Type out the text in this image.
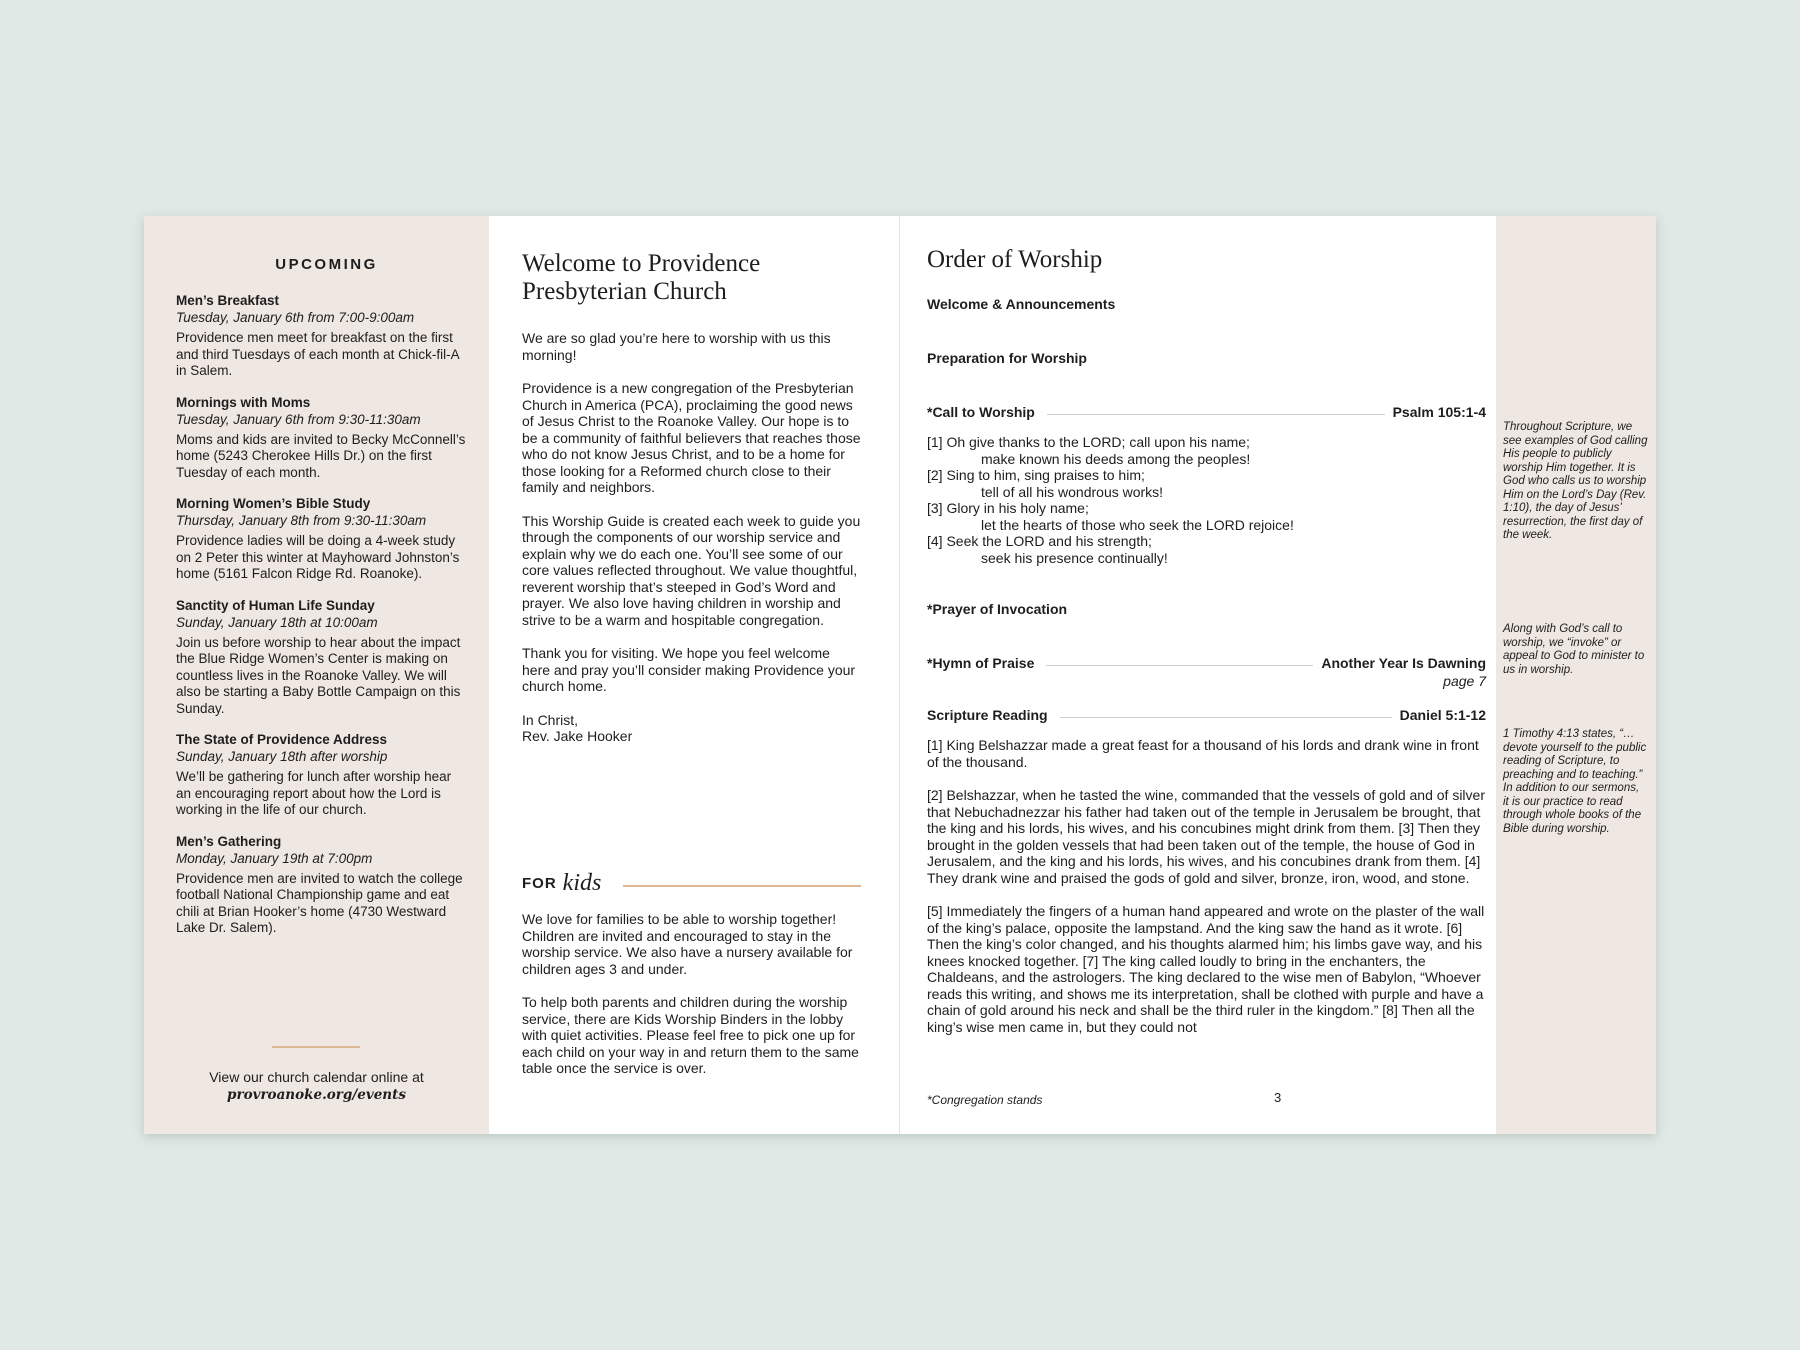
UPCOMING
Men’s Breakfast
Tuesday, January 6th from 7:00-9:00am
Providence men meet for breakfast on the first and third Tuesdays of each month at Chick-fil-A in Salem.
Mornings with Moms
Tuesday, January 6th from 9:30-11:30am
Moms and kids are invited to Becky McConnell’s home (5243 Cherokee Hills Dr.) on the first Tuesday of each month.
Morning Women’s Bible Study
Thursday, January 8th from 9:30-11:30am
Providence ladies will be doing a 4-week study on 2 Peter this winter at Mayhoward Johnston’s home (5161 Falcon Ridge Rd. Roanoke).
Sanctity of Human Life Sunday
Sunday, January 18th at 10:00am
Join us before worship to hear about the impact the Blue Ridge Women’s Center is making on countless lives in the Roanoke Valley. We will also be starting a Baby Bottle Campaign on this Sunday.
The State of Providence Address
Sunday, January 18th after worship
We’ll be gathering for lunch after worship hear an encouraging report about how the Lord is working in the life of our church.
Men’s Gathering
Monday, January 19th at 7:00pm
Providence men are invited to watch the college football National Championship game and eat chili at Brian Hooker’s home (4730 Westward Lake Dr. Salem).
View our church calendar online at
provroanoke.org/events
Welcome to Providence
Presbyterian Church

We are so glad you’re here to worship with us this morning!

Providence is a new congregation of the Presbyterian Church in America (PCA), proclaiming the good news of Jesus Christ to the Roanoke Valley. Our hope is to be a community of faithful believers that reaches those who do not know Jesus Christ, and to be a home for those looking for a Reformed church close to their family and neighbors.

This Worship Guide is created each week to guide you through the components of our worship service and explain why we do each one. You’ll see some of our core values reflected throughout. We value thoughtful, reverent worship that’s steeped in God’s Word and prayer. We also love having children in worship and strive to be a warm and hospitable congregation.

Thank you for visiting. We hope you feel welcome here and pray you’ll consider making Providence your church home.

In Christ,
Rev. Jake Hooker

FOR kids

We love for families to be able to worship together! Children are invited and encouraged to stay in the worship service. We also have a nursery available for children ages 3 and under.

To help both parents and children during the worship service, there are Kids Worship Binders in the lobby with quiet activities. Please feel free to pick one up for each child on your way in and return them to the same table once the service is over.

Order of Worship
Welcome & Announcements
Preparation for Worship
*Call to Worship	Psalm 105:1-4
[1] Oh give thanks to the LORD; call upon his name;
make known his deeds among the peoples!
[2] Sing to him, sing praises to him;
tell of all his wondrous works!
[3] Glory in his holy name;
let the hearts of those who seek the LORD rejoice!
[4] Seek the LORD and his strength;
seek his presence continually!
*Prayer of Invocation
*Hymn of Praise	Another Year Is Dawning
page 7
Scripture Reading	Daniel 5:1-12

[1] King Belshazzar made a great feast for a thousand of his lords and drank wine in front of the thousand.

[2] Belshazzar, when he tasted the wine, commanded that the vessels of gold and of silver that Nebuchadnezzar his father had taken out of the temple in Jerusalem be brought, that the king and his lords, his wives, and his concubines might drink from them. [3] Then they brought in the golden vessels that had been taken out of the temple, the house of God in Jerusalem, and the king and his lords, his wives, and his concubines drank from them. [4] They drank wine and praised the gods of gold and silver, bronze, iron, wood, and stone.

[5] Immediately the fingers of a human hand appeared and wrote on the plaster of the wall of the king’s palace, opposite the lampstand. And the king saw the hand as it wrote. [6] Then the king’s color changed, and his thoughts alarmed him; his limbs gave way, and his knees knocked together. [7] The king called loudly to bring in the enchanters, the Chaldeans, and the astrologers. The king declared to the wise men of Babylon, “Whoever reads this writing, and shows me its interpretation, shall be clothed with purple and have a chain of gold around his neck and shall be the third ruler in the kingdom.” [8] Then all the king’s wise men came in, but they could not

*Congregation stands	3
Throughout Scripture, we see examples of God calling His people to publicly worship Him together. It is God who calls us to worship Him on the Lord’s Day (Rev. 1:10), the day of Jesus’ resurrection, the first day of the week.
Along with God’s call to worship, we “invoke” or appeal to God to minister to us in worship.
1 Timothy 4:13 states, “…devote yourself to the public reading of Scripture, to preaching and to teaching.” In addition to our sermons, it is our practice to read through whole books of the Bible during worship.
